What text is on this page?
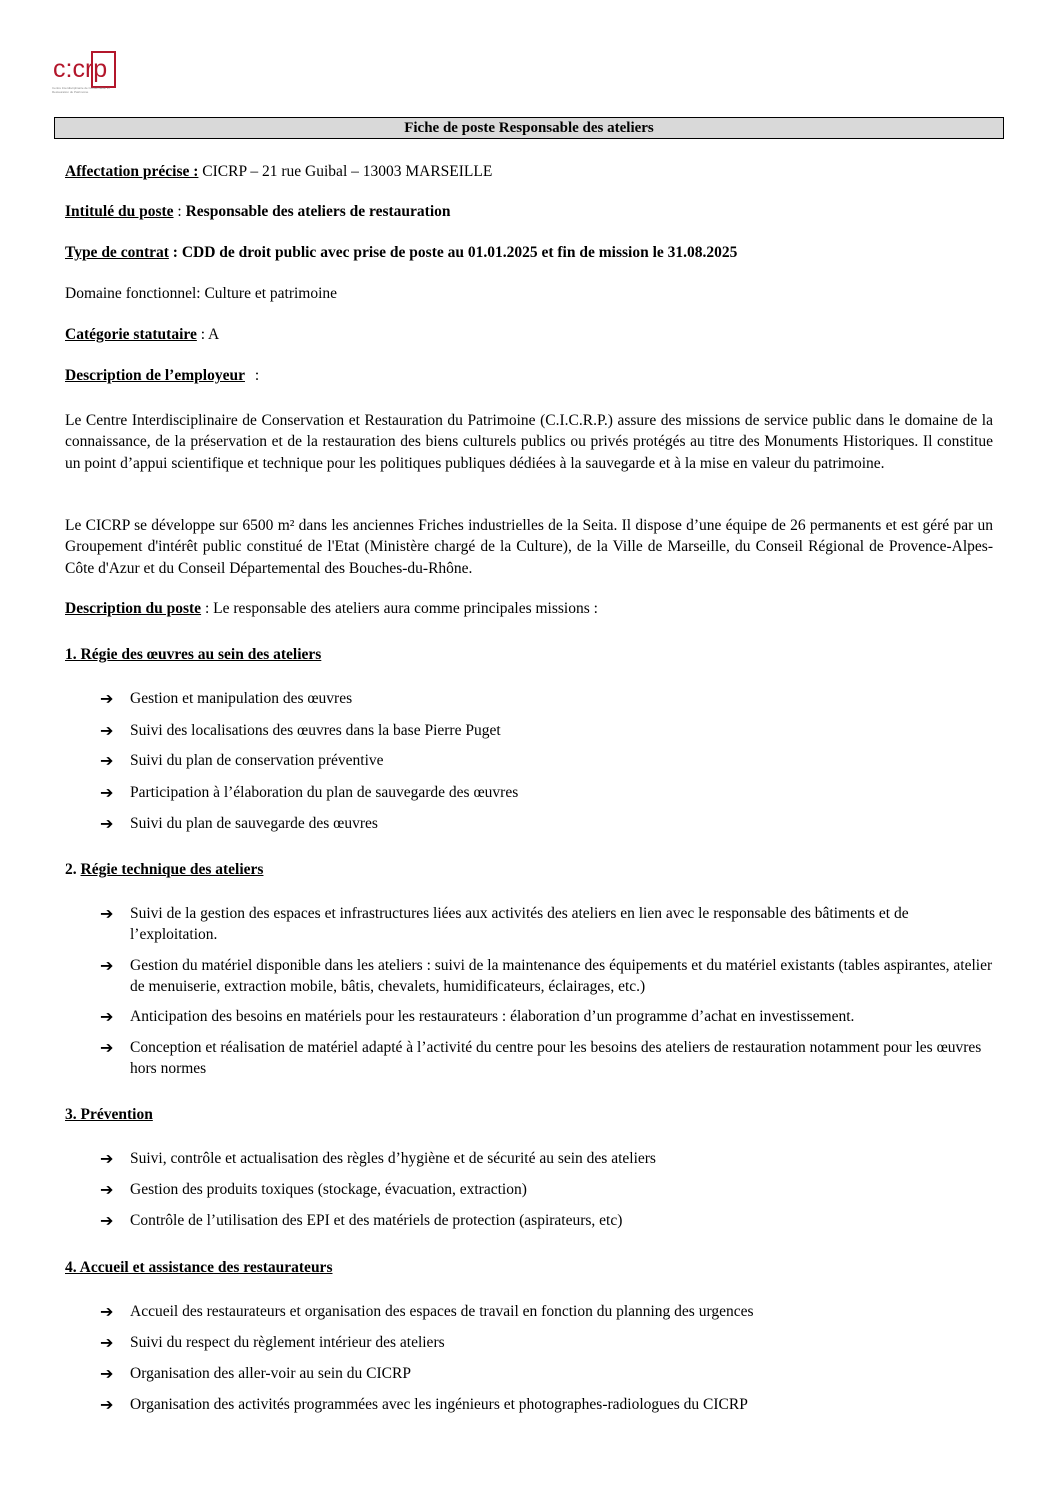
c:crp
Centre Interdisciplinaire de Conservation et Restauration du Patrimoine
Fiche de poste Responsable des ateliers
Affectation précise : CICRP – 21 rue Guibal – 13003 MARSEILLE
Intitulé du poste : Responsable des ateliers de restauration
Type de contrat : CDD de droit public avec prise de poste au 01.01.2025 et fin de mission le 31.08.2025
Domaine fonctionnel: Culture et patrimoine
Catégorie statutaire : A
Description de l’employeur :
Le Centre Interdisciplinaire de Conservation et Restauration du Patrimoine (C.I.C.R.P.) assure des missions de service public dans le domaine de la connaissance, de la préservation et de la restauration des biens culturels publics ou privés protégés au titre des Monuments Historiques. Il constitue un point d’appui scientifique et technique pour les politiques publiques dédiées à la sauvegarde et à la mise en valeur du patrimoine.
Le CICRP se développe sur 6500 m² dans les anciennes Friches industrielles de la Seita. Il dispose d’une équipe de 26 permanents et est géré par un Groupement d'intérêt public constitué de l'Etat (Ministère chargé de la Culture), de la Ville de Marseille, du Conseil Régional de Provence-Alpes-Côte d'Azur et du Conseil Départemental des Bouches-du-Rhône.
Description du poste : Le responsable des ateliers aura comme principales missions :
1. Régie des œuvres au sein des ateliers
➔	Gestion et manipulation des œuvres
➔	Suivi des localisations des œuvres dans la base Pierre Puget
➔	Suivi du plan de conservation préventive
➔	Participation à l’élaboration du plan de sauvegarde des œuvres
➔	Suivi du plan de sauvegarde des œuvres
2. Régie technique des ateliers
➔	Suivi de la gestion des espaces et infrastructures liées aux activités des ateliers en lien avec le responsable des bâtiments et de l’exploitation.
➔	Gestion du matériel disponible dans les ateliers : suivi de la maintenance des équipements et du matériel existants (tables aspirantes, atelier de menuiserie, extraction mobile, bâtis, chevalets, humidificateurs, éclairages, etc.)
➔	Anticipation des besoins en matériels pour les restaurateurs : élaboration d’un programme d’achat en investissement.
➔	Conception et réalisation de matériel adapté à l’activité du centre pour les besoins des ateliers de restauration notamment pour les œuvres hors normes
3. Prévention
➔	Suivi, contrôle et actualisation des règles d’hygiène et de sécurité au sein des ateliers
➔	Gestion des produits toxiques (stockage, évacuation, extraction)
➔	Contrôle de l’utilisation des EPI et des matériels de protection (aspirateurs, etc)
4. Accueil et assistance des restaurateurs
➔	Accueil des restaurateurs et organisation des espaces de travail en fonction du planning des urgences
➔	Suivi du respect du règlement intérieur des ateliers
➔	Organisation des aller-voir au sein du CICRP
➔	Organisation des activités programmées avec les ingénieurs et photographes-radiologues du CICRP
